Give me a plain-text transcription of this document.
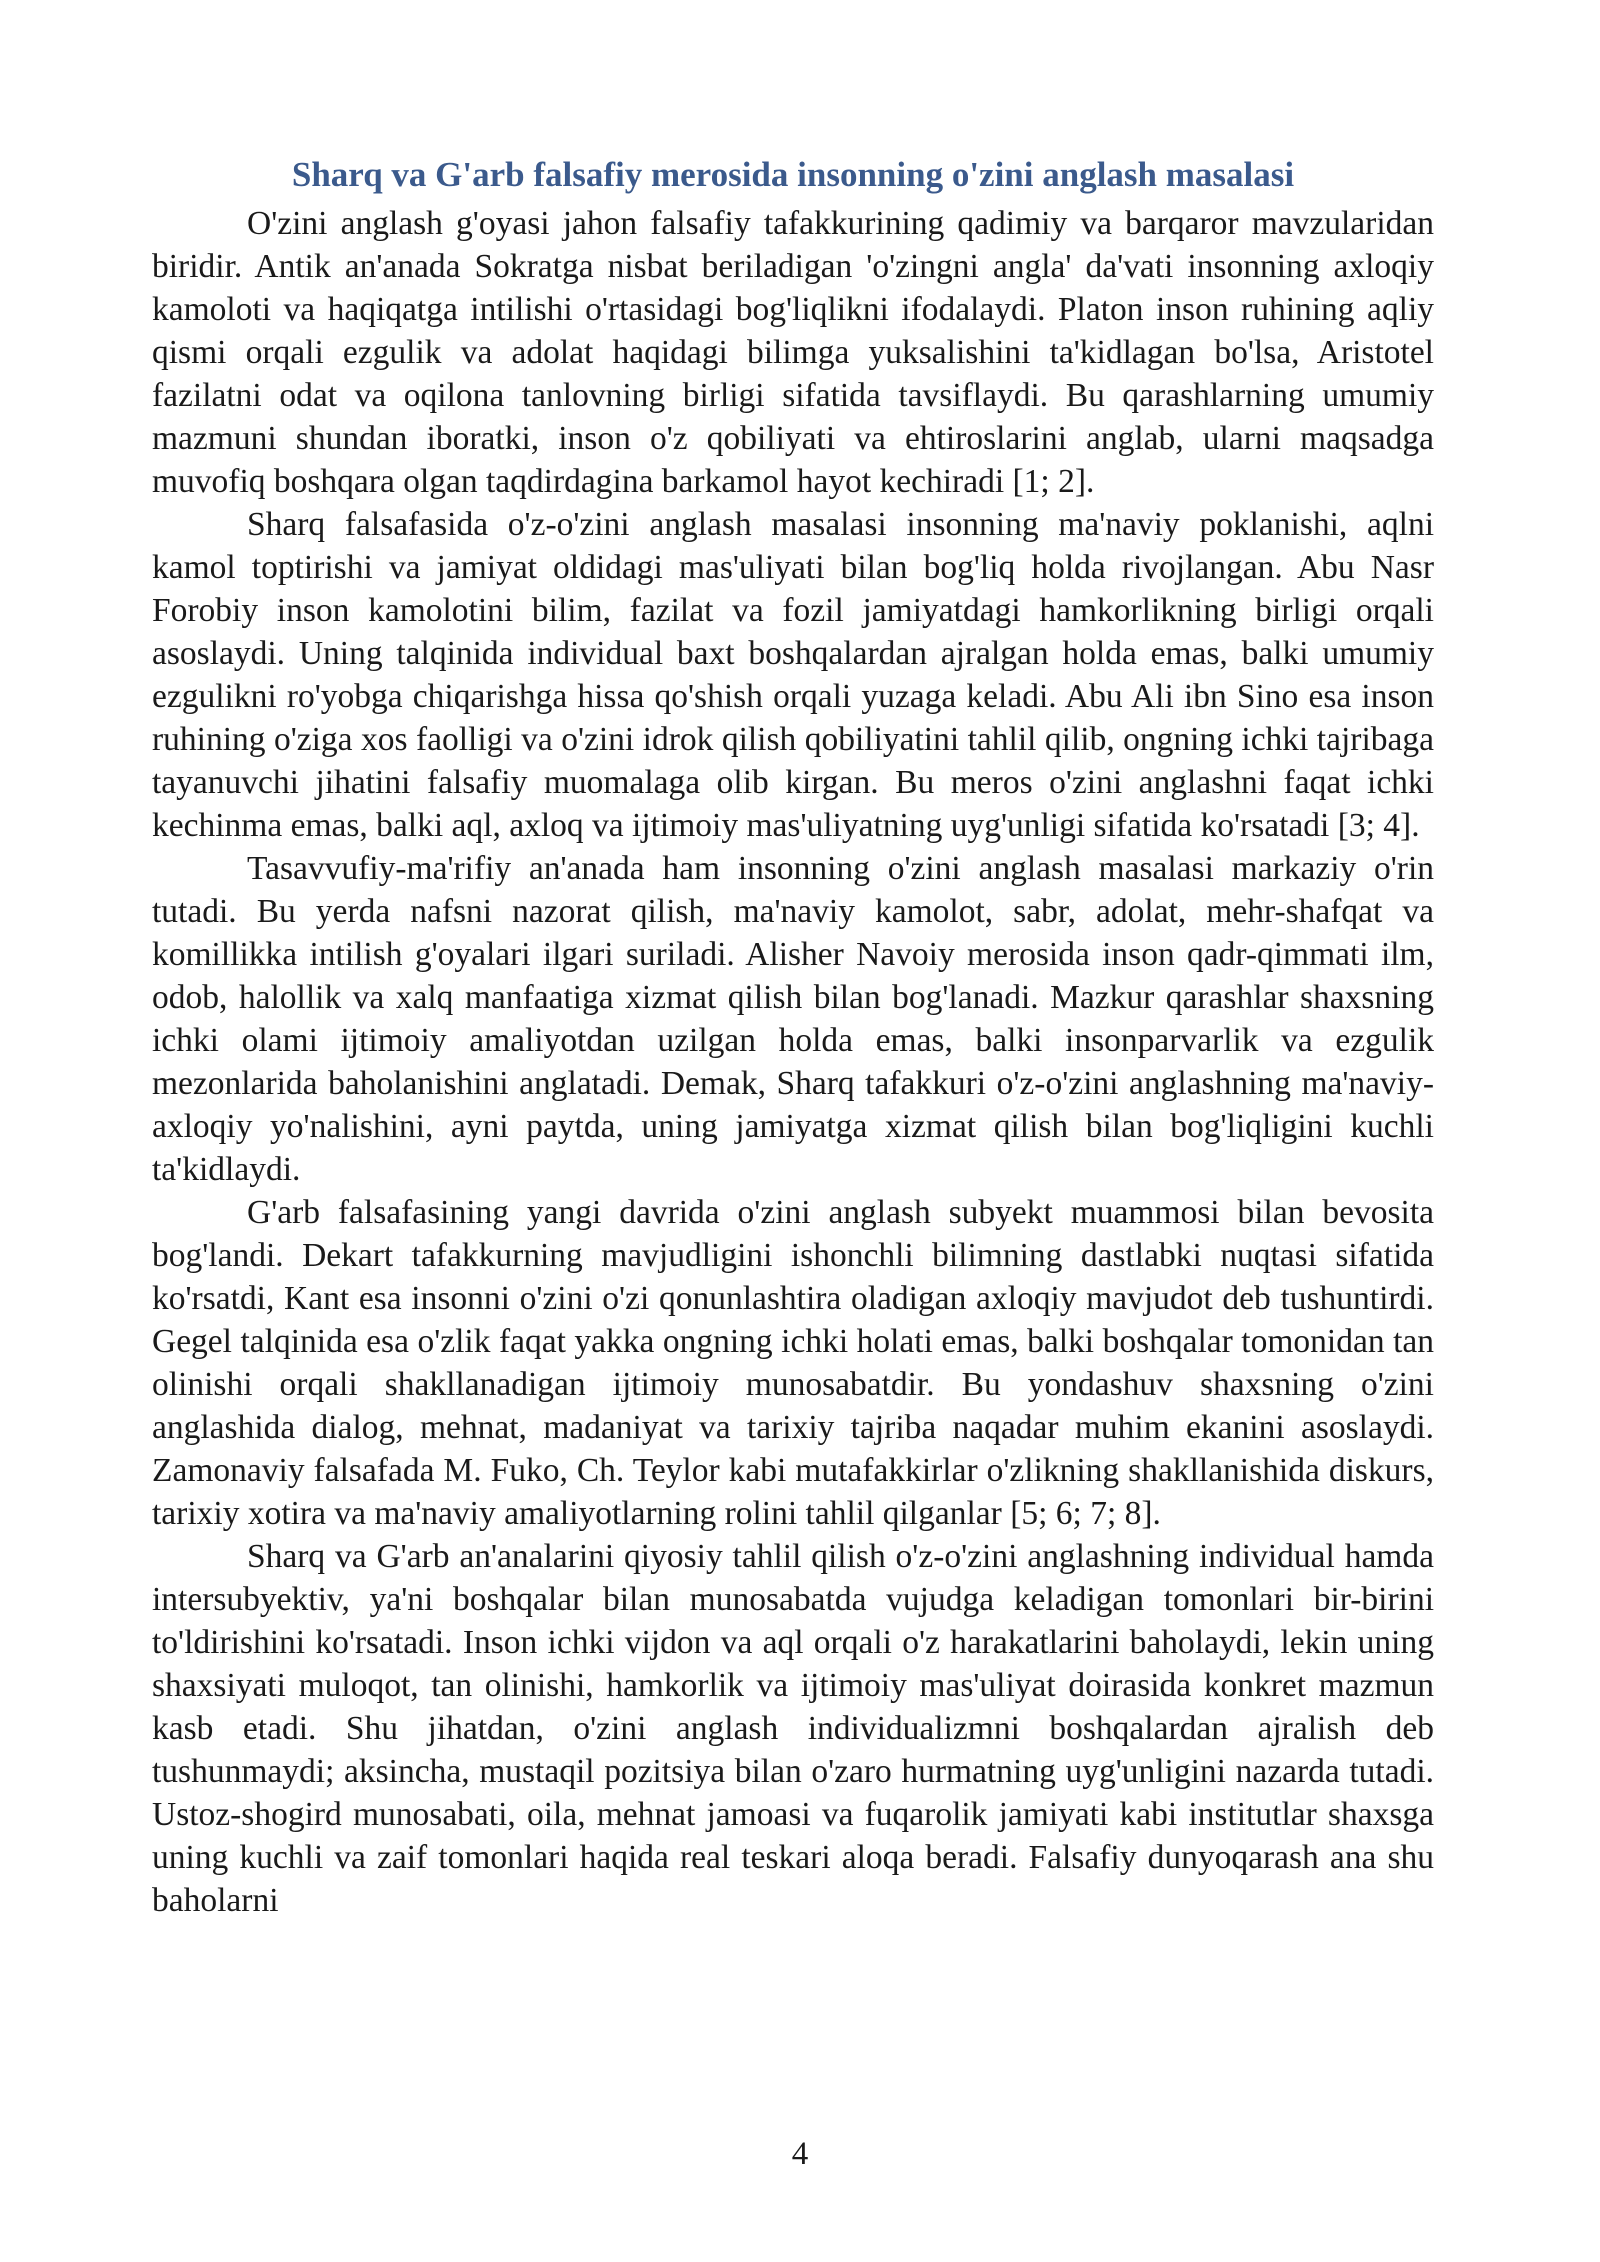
Sharq va G'arb falsafiy merosida insonning o'zini anglash masalasi

O'zini anglash g'oyasi jahon falsafiy tafakkurining qadimiy va barqaror mavzularidan biridir. Antik an'anada Sokratga nisbat beriladigan 'o'zingni angla' da'vati insonning axloqiy kamoloti va haqiqatga intilishi o'rtasidagi bog'liqlikni ifodalaydi. Platon inson ruhining aqliy qismi orqali ezgulik va adolat haqidagi bilimga yuksalishini ta'kidlagan bo'lsa, Aristotel fazilatni odat va oqilona tanlovning birligi sifatida tavsiflaydi. Bu qarashlarning umumiy mazmuni shundan iboratki, inson o'z qobiliyati va ehtiroslarini anglab, ularni maqsadga muvofiq boshqara olgan taqdirdagina barkamol hayot kechiradi [1; 2].

Sharq falsafasida o'z-o'zini anglash masalasi insonning ma'naviy poklanishi, aqlni kamol toptirishi va jamiyat oldidagi mas'uliyati bilan bog'liq holda rivojlangan. Abu Nasr Forobiy inson kamolotini bilim, fazilat va fozil jamiyatdagi hamkorlikning birligi orqali asoslaydi. Uning talqinida individual baxt boshqalardan ajralgan holda emas, balki umumiy ezgulikni ro'yobga chiqarishga hissa qo'shish orqali yuzaga keladi. Abu Ali ibn Sino esa inson ruhining o'ziga xos faolligi va o'zini idrok qilish qobiliyatini tahlil qilib, ongning ichki tajribaga tayanuvchi jihatini falsafiy muomalaga olib kirgan. Bu meros o'zini anglashni faqat ichki kechinma emas, balki aql, axloq va ijtimoiy mas'uliyatning uyg'unligi sifatida ko'rsatadi [3; 4].

Tasavvufiy-ma'rifiy an'anada ham insonning o'zini anglash masalasi markaziy o'rin tutadi. Bu yerda nafsni nazorat qilish, ma'naviy kamolot, sabr, adolat, mehr-shafqat va komillikka intilish g'oyalari ilgari suriladi. Alisher Navoiy merosida inson qadr-qimmati ilm, odob, halollik va xalq manfaatiga xizmat qilish bilan bog'lanadi. Mazkur qarashlar shaxsning ichki olami ijtimoiy amaliyotdan uzilgan holda emas, balki insonparvarlik va ezgulik mezonlarida baholanishini anglatadi. Demak, Sharq tafakkuri o'z-o'zini anglashning ma'naviy-axloqiy yo'nalishini, ayni paytda, uning jamiyatga xizmat qilish bilan bog'liqligini kuchli ta'kidlaydi.

G'arb falsafasining yangi davrida o'zini anglash subyekt muammosi bilan bevosita bog'landi. Dekart tafakkurning mavjudligini ishonchli bilimning dastlabki nuqtasi sifatida ko'rsatdi, Kant esa insonni o'zini o'zi qonunlashtira oladigan axloqiy mavjudot deb tushuntirdi. Gegel talqinida esa o'zlik faqat yakka ongning ichki holati emas, balki boshqalar tomonidan tan olinishi orqali shakllanadigan ijtimoiy munosabatdir. Bu yondashuv shaxsning o'zini anglashida dialog, mehnat, madaniyat va tarixiy tajriba naqadar muhim ekanini asoslaydi. Zamonaviy falsafada M. Fuko, Ch. Teylor kabi mutafakkirlar o'zlikning shakllanishida diskurs, tarixiy xotira va ma'naviy amaliyotlarning rolini tahlil qilganlar [5; 6; 7; 8].

Sharq va G'arb an'analarini qiyosiy tahlil qilish o'z-o'zini anglashning individual hamda intersubyektiv, ya'ni boshqalar bilan munosabatda vujudga keladigan tomonlari bir-birini to'ldirishini ko'rsatadi. Inson ichki vijdon va aql orqali o'z harakatlarini baholaydi, lekin uning shaxsiyati muloqot, tan olinishi, hamkorlik va ijtimoiy mas'uliyat doirasida konkret mazmun kasb etadi. Shu jihatdan, o'zini anglash individualizmni boshqalardan ajralish deb tushunmaydi; aksincha, mustaqil pozitsiya bilan o'zaro hurmatning uyg'unligini nazarda tutadi. Ustoz-shogird munosabati, oila, mehnat jamoasi va fuqarolik jamiyati kabi institutlar shaxsga uning kuchli va zaif tomonlari haqida real teskari aloqa beradi. Falsafiy dunyoqarash ana shu baholarni

4
